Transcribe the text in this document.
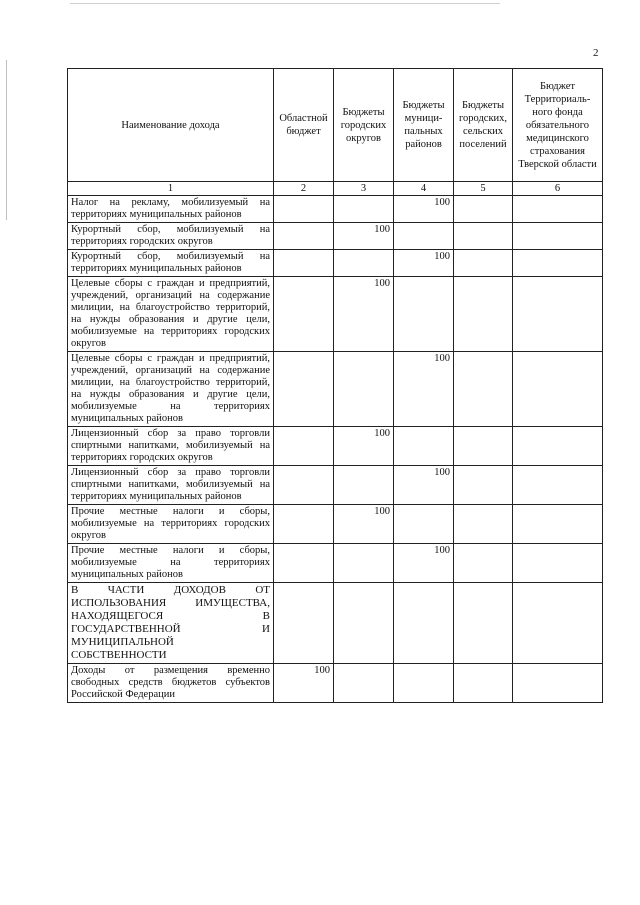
2
Наименование дохода	Областной бюджет	Бюджеты городских округов	Бюджеты муници-пальных районов	Бюджеты городских, сельских поселений	Бюджет Территориаль-ного фонда обязательного медицинского страхования Тверской области
1	2	3	4	5	6
Налог на рекламу, мобилизуемый на территориях муниципальных районов			100		
Курортный сбор, мобилизуемый на территориях городских округов		100			
Курортный сбор, мобилизуемый на территориях муниципальных районов			100		
Целевые сборы с граждан и предприятий, учреждений, организаций на содержание милиции, на благоустройство территорий, на нужды образования и другие цели, мобилизуемые на территориях городских округов		100			
Целевые сборы с граждан и предприятий, учреждений, организаций на содержание милиции, на благоустройство территорий, на нужды образования и другие цели, мобилизуемые на территориях муниципальных районов			100		
Лицензионный сбор за право торговли спиртными напитками, мобилизуемый на территориях городских округов		100			
Лицензионный сбор за право торговли спиртными напитками, мобилизуемый на территориях муниципальных районов			100		
Прочие местные налоги и сборы, мобилизуемые на территориях городских округов		100			
Прочие местные налоги и сборы, мобилизуемые на территориях муниципальных районов			100		
В ЧАСТИ ДОХОДОВ ОТ ИСПОЛЬЗОВАНИЯ ИМУЩЕСТВА, НАХОДЯЩЕГОСЯ В ГОСУДАРСТВЕННОЙ И МУНИЦИПАЛЬНОЙ СОБСТВЕННОСТИ					
Доходы от размещения временно свободных средств бюджетов субъектов Российской Федерации	100				
